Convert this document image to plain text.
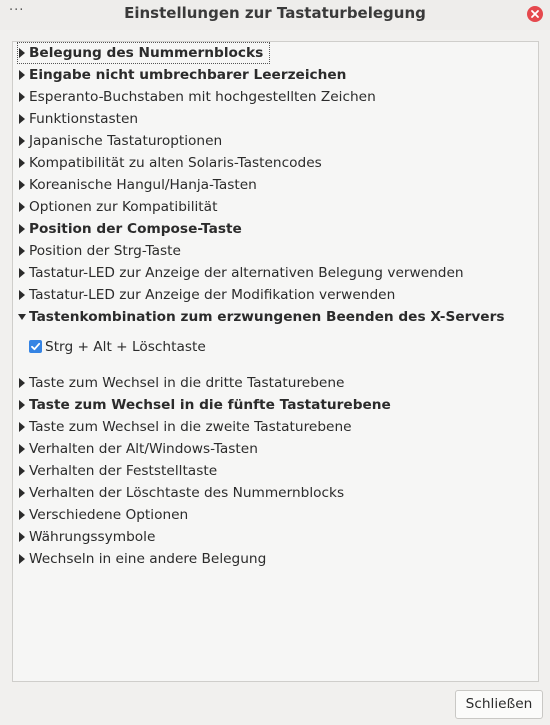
···	Einstellungen zur Tastaturbelegung
Belegung des Nummernblocks
Eingabe nicht umbrechbarer Leerzeichen
Esperanto-Buchstaben mit hochgestellten Zeichen
Funktionstasten
Japanische Tastaturoptionen
Kompatibilität zu alten Solaris-Tastencodes
Koreanische Hangul/Hanja-Tasten
Optionen zur Kompatibilität
Position der Compose-Taste
Position der Strg-Taste
Tastatur-LED zur Anzeige der alternativen Belegung verwenden
Tastatur-LED zur Anzeige der Modifikation verwenden
Tastenkombination zum erzwungenen Beenden des X-Servers
Strg + Alt + Löschtaste
Taste zum Wechsel in die dritte Tastaturebene
Taste zum Wechsel in die fünfte Tastaturebene
Taste zum Wechsel in die zweite Tastaturebene
Verhalten der Alt/Windows-Tasten
Verhalten der Feststelltaste
Verhalten der Löschtaste des Nummernblocks
Verschiedene Optionen
Währungssymbole
Wechseln in eine andere Belegung
Schließen
